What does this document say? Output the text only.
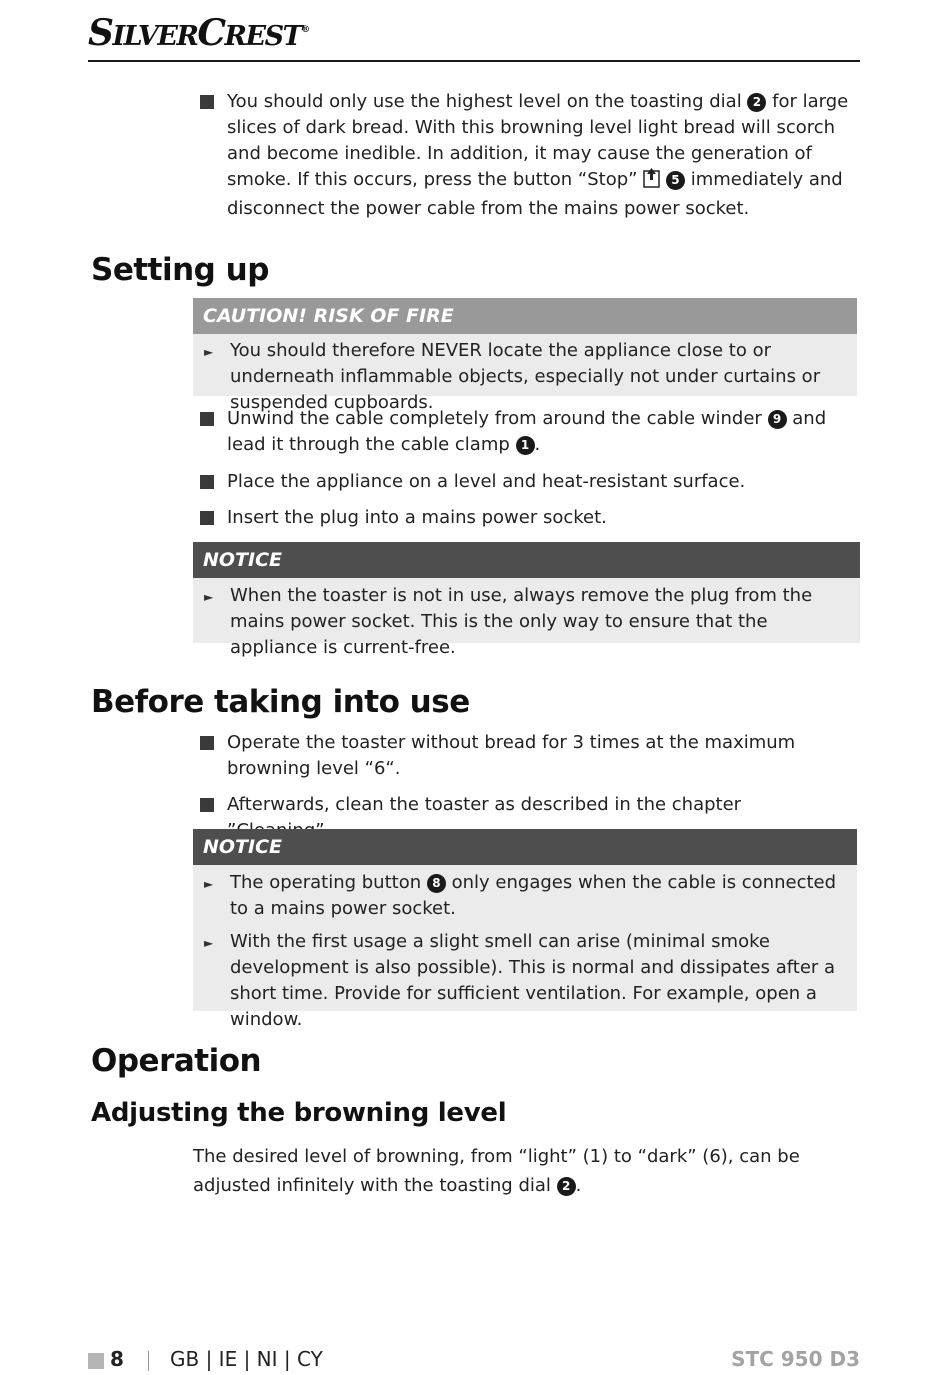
SILVERCREST®
You should only use the highest level on the toasting dial 2 for large slices of dark bread. With this browning level light bread will scorch and become inedible. In addition, it may cause the generation of smoke. If this occurs, press the button “Stop”	5 immediately and disconnect the power cable from the mains power socket.
Setting up
CAUTION! RISK OF FIRE
► You should therefore NEVER locate the appliance close to or underneath inflammable objects, especially not under curtains or suspended cupboards.
Unwind the cable completely from around the cable winder 9 and lead it through the cable clamp 1 .
Place the appliance on a level and heat-resistant surface.
Insert the plug into a mains power socket.
NOTICE
► When the toaster is not in use, always remove the plug from the mains power socket. This is the only way to ensure that the appliance is current-free.
Before taking into use
Operate the toaster without bread for 3 times at the maximum browning level “6“.
Afterwards, clean the toaster as described in the chapter
NOTICE
► The operating button 8 only engages when the cable is connected to a mains power socket.
► With the first usage a slight smell can arise (minimal smoke development is also possible). This is normal and dissipates after a short time. Provide for sufficient ventilation. For example, open a window.
Operation
Adjusting the browning level
The desired level of browning, from “light” (1) to “dark” (6), can be adjusted infinitely with the toasting dial 2 .
8 GB | IE | NI | CY	STC 950 D3
